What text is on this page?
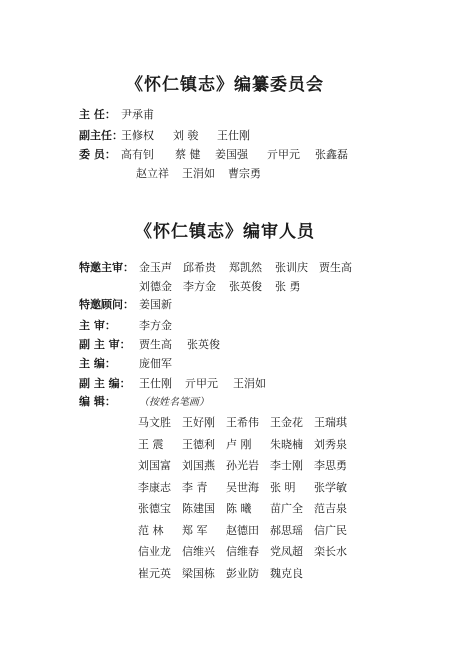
《怀仁镇志》编纂委员会
主 任： 尹承甫
副主任：
王修权	刘 骏	王仕刚
委 员： 高有钊	蔡 健	姜国强	亓甲元	张鑫磊
赵立祥	王涓如	曹宗勇
《怀仁镇志》编审人员
特邀主审： 金玉声	邱希贵	郑凯然	张训庆	贾生高
刘德金	李方金	张英俊	张 勇
特邀顾问： 姜国新
主 审：	李方金
副 主 审： 贾生高	张英俊
主 编：	庞佃军
副 主 编： 王仕刚	亓甲元	王涓如
编 辑：	（按姓名笔画）
马文胜	王好刚	王希伟	王金花	王瑞琪
王 震	王德利	卢 刚	朱晓楠	刘秀泉
刘国富	刘国燕	孙光岩	李士刚	李思勇
李康志	李 青	吴世海	张 明	张学敏
张德宝	陈建国	陈 曦	苗广全	范吉泉
范 林	郑 军	赵德田	郝思瑶	信广民
信业龙	信维兴	信维春	党凤超	栾长水
崔元英	梁国栋	彭业防	魏克良
